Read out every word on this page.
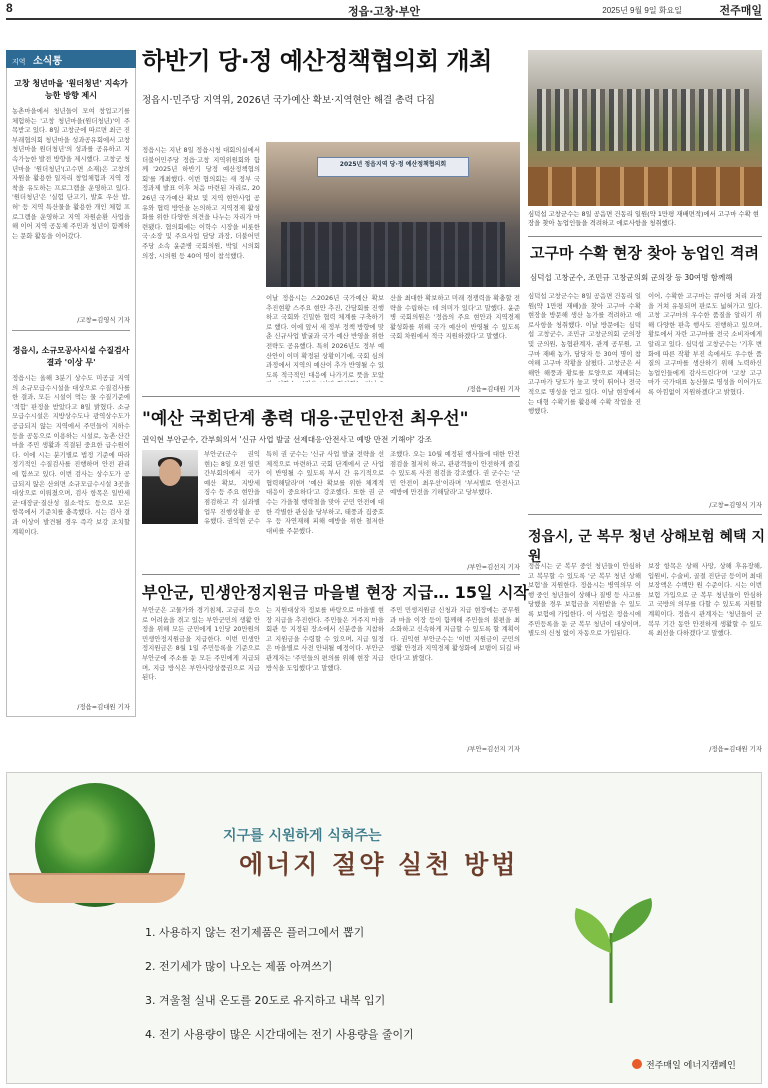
8	정읍·고창·부안	2025년 9월 9일 화요일	전주매일
지역 소식통
고창 청년마을 '원더청년' 지속가능한 방향 제시
농촌마을에서 청년들이 모여 창업고기를 체험하는 '고창 청년마을(원더청년)'이 주목받고 있다. 8일 고창군에 따르면 최근 진 부래협의회 청년마을 성과공유회에서 고창 청년마을 원더청년'의 성과를 공유하고 지속가능한 발전 방향을 제시했다. 고창군 청년마을 '원더청년'(고수면 소재)은 고창의 자원을 활용한 일자리 창업체험과 지역 정착을 유도하는 프로그램을 운영하고 있다. '원더청년'은 '실험 단고기, 발효 우산 밥, 허' 등 지역 특산물을 활용한 개인 체험 프로그램을 운영하고 지역 자원순환 사업을 해 이어 지역 공동체 주민과 청년이 함께하는 문화 활동을 이어갔다.
/고창=김영식 기자
정읍시, 소규모공사시설 수질검사 결과 '이상 무'
정읍시는 올해 3분기 상수도 미공급 지역의 소규모급수시설을 대상으로 수질검사를 한 결과, 모든 시설이 먹는 물 수질기준에 '적합' 판정을 받았다고 8일 밝혔다. 소규모급수시설은 지방상수도나 광역상수도가 공급되지 않는 지역에서 주민들이 지하수 등을 공동으로 이용하는 시설로, 농촌·산간마을 주민 생활과 직결된 중요한 급수원이다. 이에 시는 분기별로 법정 기준에 따라 정기적인 수질검사를 진행하며 안전 관리에 힘쓰고 있다. 이번 검사는 상수도가 공급되지 않은 산외면 소규모급수시설 3곳을 대상으로 이뤄졌으며, 검사 항목은 일반세균·대장균·질산성 질소·탁도 등으로 모든 항목에서 기준치를 충족했다. 시는 검사 결과 이상이 발견될 경우 즉각 보강 조치할 계획이다.
/정읍=김대원 기자
하반기 당·정 예산정책협의회 개최
정읍시·민주당 지역위, 2026년 국가예산 확보·지역현안 해결 총력 다짐
정읍시는 지난 8일 정읍시청 대회의실에서 더불어민주당 정읍·고창 지역위원회와 함께 '2025년 하반기 당정 예산정책협의회'를 개최했다. 이번 협의회는 새 정부 국정과제 발표 이후 처음 마련된 자리로, 2026년 국가예산 확보 및 지역 현안사업 공유와 협력 방안을 논의하고 지역경제 활성화를 위한 다양한 의견을 나누는 자리가 마련됐다. 협의회에는 이학수 시장을 비롯한 국·소장 및 주요사업 담당 과장, 더불어민주당 소속 윤준병 국회의원, 박일 시의회 의장, 시의원 등 40여 명이 참석했다.
2025년 정읍지역 당·정 예산정책협의회
이날 정읍시는 스2026년 국가예산 확보 추진현황 스주요 현안 추진, 간담회를 진행하고 국회와 긴밀한 협력 체계를 구축하기로 했다. 이에 앞서 새 정부 정책 방향에 맞춘 신규사업 발굴과 국가 예산 반영을 위한 전략도 공유했다. 특히 2026년도 정부 예산안이 이미 확정된 상황이기에, 국회 심의 과정에서 지역의 예산이 추가 반영될 수 있도록 적극적인 대응에 나가기로 뜻을 모았
산을 최대한 확보하고 미래 경쟁력을 확충할 전략을 수립하는 데 의미가 있다'고 말했다. 윤준병 국회의원은 '정읍의 주요 현안과 지역경제 활성화를 위해 국가 예산이 반영될 수 있도록 국회 차원에서 적극 지원하겠다'고 말했다.
/정읍=김대원 기자
심덕섭 고창군수는 8일 공음면 건동리 일원(약 1만평 재배면적)에서 고구마 수확 현장을 찾아 농업인들을 격려하고 애로사항을 청취했다.
고구마 수확 현장 찾아 농업인 격려
심덕섭 고창군수, 조민규 고창군의회 군의장 등 30여명 함께해
심덕섭 고창군수는 8일 공음면 건동리 일원(약 1만평 재배)을 찾아 고구마 수확 현장을 방문해 생산 농가를 격려하고 애로사항을 청취했다. 이날 방문에는 심덕섭 고창군수, 조민규 고창군의회 군의장 및 군의원, 농협관계자, 관계 공무원, 고구마 재배 농가, 담당자 등 30여 명이 참여해 고구마 작황을 살폈다. 고창군은 서해안 해풍과 황토를 토양으로 재배되는 고구마가 당도가 높고 맛이 뛰어나 전국적으로 명성을 얻고 있다. 이날 현장에서는 대형 수확기를 활용해 수확 작업을 진행했다.
이어, 수확한 고구마는 큐어링 처리 과정을 거쳐 유통되며 판로도 넓혀가고 있다. 고창 고구마의 우수한 품질을 알리기 위해 다양한 판촉 행사도 진행하고 있으며, 황토에서 자란 고구마를 전국 소비자에게 알리고 있다. 심덕섭 고창군수는 '기후 변화에 따른 작황 부진 속에서도 우수한 품질의 고구마를 생산하기 위해 노력하신 농업인들에게 감사드린다'며 '고창 고구마가 국가대표 농산물로 명성을 이어가도록 아낌없이 지원하겠다'고 밝혔다.
/고창=김영식 기자
"예산 국회단계 총력 대응·군민안전 최우선"
권익현 부안군수, 간부회의서 '신규 사업 발굴 선제대응·안전사고 예방 만전 기해야' 강조
부안군(군수 권익현)는 8일 오전 열린 간부회의에서 국가예산 확보, 지방세 징수 등 주요 현안을 점검하고 각 실과별 업무 진행상황을 공유했다. 권익현 군수
특히 권 군수는 '신규 사업 발굴 전략을 선제적으로 마련하고 국회 단계에서 군 사업이 반영될 수 있도록 부서 간 유기적으로 협력해달라'며 '예산 확보를 위한 체계적 대응이 중요하다'고 강조했다. 또한 권 군수는 가을철 행락철을 맞아 군민 안전에 대한 각별한 관심을 당부하고, 태풍과 집중호우 등 자연재해 피해 예방을 위한 철저한 대비를 주문했다.
조했다. 오는 10월 예정된 행사들에 대한 안전점검을 철저히 하고, 관광객들이 안전하게 즐길 수 있도록 사전 점검을 강조했다. 권 군수는 '군민 안전이 최우선'이라며 '부서별로 안전사고 예방에 만전을 기해달라'고 당부했다.
/부안=김선지 기자
부안군, 민생안정지원금 마을별 현장 지급… 15일 시작
부안군은 고물가와 경기침체, 고금리 등으로 어려움을 겪고 있는 부안군민의 생활 안정을 위해 모든 군민에게 1인당 20만원의 민생안정지원금을 지급한다. 이번 민생안정지원금은 8월 1일 주민등록을 기준으로 부안군에 주소를 둔 모든 주민에게 지급되며, 지급 방식은 부안사랑상품권으로 지급된다.
는 지원대상자 정보를 바탕으로 마을별 현장 지급을 추진한다. 주민들은 거주지 마을회관 등 지정된 장소에서 신분증을 지참하고 지원금을 수령할 수 있으며, 지급 일정은 마을별로 사전 안내될 예정이다. 부안군 관계자는 '주민들의 편의를 위해 현장 지급 방식을 도입했다'고 말했다.
주민 민생지원금 신청과 지급 현장에는 공무원과 마을 이장 등이 함께해 주민들의 불편을 최소화하고 신속하게 지급할 수 있도록 할 계획이다. 권익현 부안군수는 '이번 지원금이 군민의 생활 안정과 지역경제 활성화에 보탬이 되길 바란다'고 밝혔다.
/부안=김선지 기자
정읍시, 군 복무 청년 상해보험 혜택 지원
정읍시는 군 복무 중인 청년들이 안심하고 복무할 수 있도록 '군 복무 청년 상해보험'을 지원한다. 정읍시는 병역의무 이행 중인 청년들이 상해나 질병 등 사고를 당했을 경우 보험금을 지원받을 수 있도록 보험에 가입한다. 이 사업은 정읍시에 주민등록을 둔 군 복무 청년이 대상이며, 별도의 신청 없이 자동으로 가입된다.
보장 항목은 상해 사망, 상해 후유장해, 입원비, 수술비, 골절 진단금 등이며 최대 보장액은 수백만 원 수준이다. 시는 이번 보험 가입으로 군 복무 청년들이 안심하고 국방의 의무를 다할 수 있도록 지원할 계획이다. 정읍시 관계자는 '청년들이 군 복무 기간 동안 안전하게 생활할 수 있도록 최선을 다하겠다'고 말했다.
/정읍=김대원 기자
지구를 시원하게 식혀주는
에너지 절약 실천 방법
1. 사용하지 않는 전기제품은 플러그에서 뽑기
2. 전기세가 많이 나오는 제품 아껴쓰기
3. 겨울철 실내 온도를 20도로 유지하고 내복 입기
4. 전기 사용량이 많은 시간대에는 전기 사용량을 줄이기
전주매일 에너지캠페인
